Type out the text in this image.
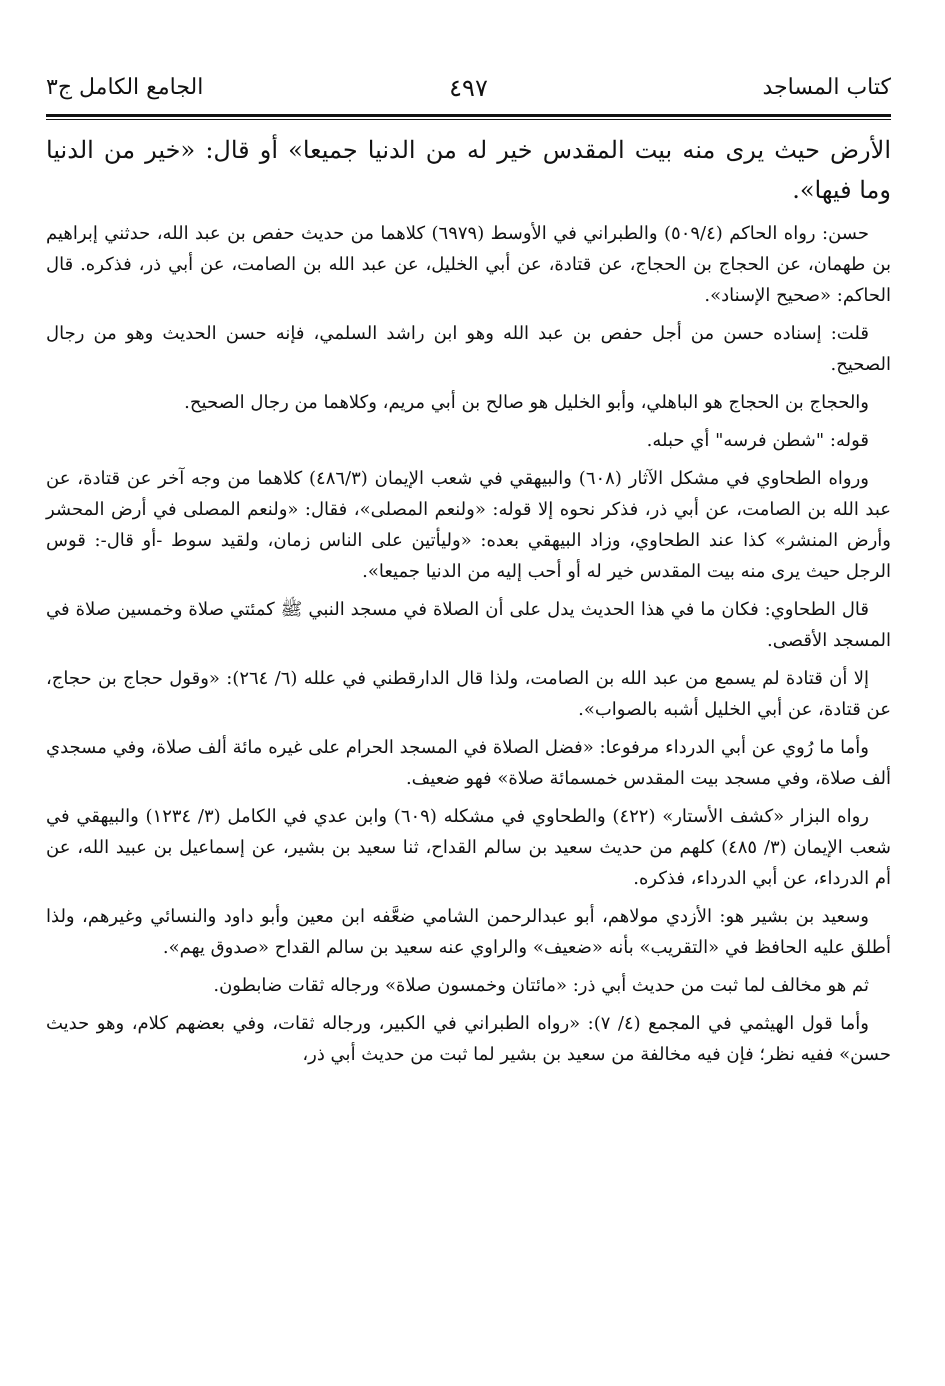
كتاب المساجد
٤٩٧
الجامع الكامل ج٣

الأرض حيث يرى منه بيت المقدس خير له من الدنيا جميعا» أو قال: «خير من الدنيا وما فيها».

حسن: رواه الحاكم (٥٠٩/٤) والطبراني في الأوسط (٦٩٧٩) كلاهما من حديث حفص بن عبد الله، حدثني إبراهيم بن طهمان، عن الحجاج بن الحجاج، عن قتادة، عن أبي الخليل، عن عبد الله بن الصامت، عن أبي ذر، فذكره. قال الحاكم: «صحيح الإسناد».

قلت: إسناده حسن من أجل حفص بن عبد الله وهو ابن راشد السلمي، فإنه حسن الحديث وهو من رجال الصحيح.

والحجاج بن الحجاج هو الباهلي، وأبو الخليل هو صالح بن أبي مريم، وكلاهما من رجال الصحيح.

قوله: "شطن فرسه" أي حبله.

ورواه الطحاوي في مشكل الآثار (٦٠٨) والبيهقي في شعب الإيمان (٤٨٦/٣) كلاهما من وجه آخر عن قتادة، عن عبد الله بن الصامت، عن أبي ذر، فذكر نحوه إلا قوله: «ولنعم المصلى»، فقال: «ولنعم المصلى في أرض المحشر وأرض المنشر» كذا عند الطحاوي، وزاد البيهقي بعده: «وليأتين على الناس زمان، ولقيد سوط -أو قال-: قوس الرجل حيث يرى منه بيت المقدس خير له أو أحب إليه من الدنيا جميعا».

قال الطحاوي: فكان ما في هذا الحديث يدل على أن الصلاة في مسجد النبي ﷺ كمئتي صلاة وخمسين صلاة في المسجد الأقصى.

إلا أن قتادة لم يسمع من عبد الله بن الصامت، ولذا قال الدارقطني في علله (٦/ ٢٦٤): «وقول حجاج بن حجاج، عن قتادة، عن أبي الخليل أشبه بالصواب».

وأما ما رُوي عن أبي الدرداء مرفوعا: «فضل الصلاة في المسجد الحرام على غيره مائة ألف صلاة، وفي مسجدي ألف صلاة، وفي مسجد بيت المقدس خمسمائة صلاة» فهو ضعيف.

رواه البزار «كشف الأستار» (٤٢٢) والطحاوي في مشكله (٦٠٩) وابن عدي في الكامل (٣/ ١٢٣٤) والبيهقي في شعب الإيمان (٣/ ٤٨٥) كلهم من حديث سعيد بن سالم القداح، ثنا سعيد بن بشير، عن إسماعيل بن عبيد الله، عن أم الدرداء، عن أبي الدرداء، فذكره.

وسعيد بن بشير هو: الأزدي مولاهم، أبو عبدالرحمن الشامي ضعَّفه ابن معين وأبو داود والنسائي وغيرهم، ولذا أطلق عليه الحافظ في «التقريب» بأنه «ضعيف» والراوي عنه سعيد بن سالم القداح «صدوق يهم».

ثم هو مخالف لما ثبت من حديث أبي ذر: «مائتان وخمسون صلاة» ورجاله ثقات ضابطون.

وأما قول الهيثمي في المجمع (٤/ ٧): «رواه الطبراني في الكبير، ورجاله ثقات، وفي بعضهم كلام، وهو حديث حسن» ففيه نظر؛ فإن فيه مخالفة من سعيد بن بشير لما ثبت من حديث أبي ذر،
